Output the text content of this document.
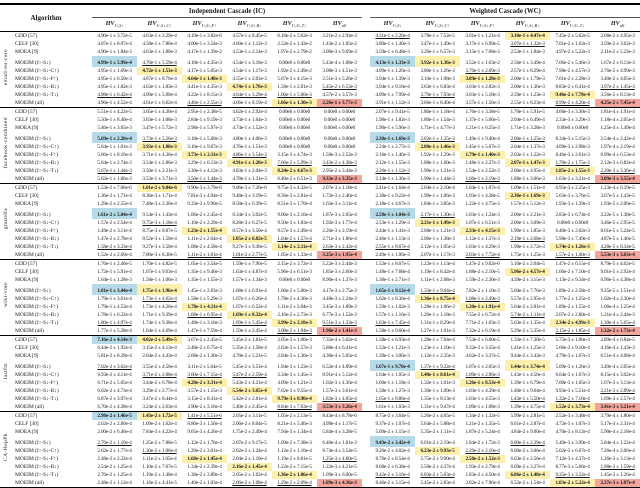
Algorithm		Independent Cascade (IC)							Weighted Cascade (WC)					
		$HV_{I↑,S↓}$	$HV_{I↑,S↓,C↑}$	$HV_{I↑,S↓,F↑}$	$HV_{I↑,S↓,B↓}$	$HV_{I↑,S↓,T↓}$	$HV_{all}$		$HV_{I↑,S↓}$	$HV_{I↑,S↓,C↑}$	$HV_{I↑,S↓,F↑}$	$HV_{I↑,S↓,B↓}$	$HV_{I↑,S↓,T↓}$	$HV_{all}$
email-eu-core	GDD [57]	4.90e-1 ± 3.72e-5	4.63e-1 ± 2.29e-4	4.19e-1 ± 3.82e-6	4.57e-1 ± 8.45e-5	6.18e-2 ± 3.62e-3	3.21e-2 ± 2.94e-3		4.31e-1 ± 2.26e-4	3.78e-1 ± 7.52e-5	3.01e-1 ± 1.21e-4	3.10e-1 ± 4.47e-4	7.45e-2 ± 5.62e-5	2.68e-2 ± 4.95e-3
	CELF [30]	4.87e-1 ± 8.97e-4	4.58e-1 ± 7.86e-4	4.00e-1 ± 3.54e-3	4.60e-1 ± 1.12e-3	2.52e-2 ± 1.43e-2	1.43e-2 ± 1.05e-2		3.80e-1 ± 1.40e-3	3.47e-1 ± 1.49e-3	3.17e-1 ± 6.99e-5	3.07e-1 ± 1.32e-3	7.01e-2 ± 1.62e-3	3.59e-2 ± 3.62e-3
	MOEA [9]	4.90e-1 ± 1.84e-3	4.63e-1 ± 1.80e-3	4.17e-1 ± 1.39e-2	4.53e-1 ± 2.14e-3	1.97e-2 ± 2.79e-2	3.00e-3 ± 9.69e-3		3.59e-1 ± 6.48e-3	3.26e-1 ± 6.57e-3	3.15e-1 ± 7.68e-3	2.53e-1 ± 1.84e-3	4.97e-2 ± 5.22e-3	2.11e-2 ± 5.23e-3
	MOEIM (I↑-S↓)	4.99e-1 ± 5.99e-4	4.70e-1 ± 5.59e-4	4.18e-1 ± 4.35e-3	4.54e-1 ± 3.18e-3	0.00e0 ± 0.00e0	5.43e-4 ± 1.08e-3		4.13e-1 ± 1.33e-3	3.92e-1 ± 1.36e-3	3.52e-1 ± 1.63e-2	2.56e-1 ± 3.49e-4	7.06e-2 ± 5.46e-3	1.67e-2 ± 6.13e-3
	MOEIM (I↑-S↓-C↑)	4.95e-1 ± 1.69e-3	4.72e-1 ± 1.53e-3	4.17e-1 ± 5.05e-3	4.54e-1 ± 1.17e-3	1.92e-2 ± 2.49e-2	3.08e-3 ± 4.51e-3		4.09e-1 ± 1.26e-3	3.80e-1 ± 1.26e-3	3.76e-1 ± 2.09e-3	2.57e-1 ± 8.29e-4	7.98e-2 ± 4.57e-3	2.76e-2 ± 4.99e-3
	MOEIM (I↑-S↓-F↑)	4.95e-1 ± 6.50e-3	4.67e-1 ± 8.76e-4	4.64e-1 ± 1.48e-3	4.55e-1 ± 2.03e-3	5.67e-3 ± 4.15e-3	2.51e-3 ± 5.26e-3		3.94e-1 ± 1.39e-3	3.10e-1 ± 1.98e-3	3.89e-1 ± 1.28e-3	2.60e-1 ± 1.79e-3	7.61e-2 ± 2.28e-3	3.40e-2 ± 4.05e-3
	MOEIM (I↑-S↓-B↓)	4.95e-1 ± 1.82e-3	4.63e-1 ± 1.83e-3	4.41e-1 ± 4.35e-3	4.74e-1 ± 1.78e-3	1.58e-1 ± 2.81e-3	5.45e-2 ± 6.53e-3		3.94e-1 ± 9.16e-4	3.63e-1 ± 6.83e-4	3.63e-1 ± 2.82e-3	2.60e-1 ± 1.36e-3	8.83e-2 ± 6.41e-4	3.97e-2 ± 1.45e-3
	MOEIM (I↑-S↓-T↓)	4.98e-1 ± 6.42e-4	4.69e-1 ± 5.90e-4	4.22e-1 ± 8.15e-3	4.64e-1 ± 3.29e-4	1.60e-1 ± 5.66e-3	4.57e-2 ± 3.57e-3		4.09e-1 ± 7.99e-4	3.79e-1 ± 7.93e-4	3.63e-1 ± 5.18e-3	2.59e-1 ± 1.23e-3	9.46e-2 ± 7.78e-4	3.56e-2 ± 8.13e-4
	MOEIM (all)	4.96e-1 ± 4.52e-4	4.61e-1 ± 6.62e-4	4.46e-1 ± 2.55e-3	4.66e-1 ± 8.19e-4	1.66e-1 ± 1.30e-3	2.26e-1 ± 3.77e-3		3.91e-1 ± 1.12e-3	3.66e-1 ± 8.40e-4	3.57e-1 ± 1.56e-3	2.55e-1 ± 8.23e-4	8.99e-2 ± 4.20e-4	4.25e-2 ± 7.45e-4
facebook-combined	GDD [57]	5.51e-1 ± 4.22e-5	3.65e-1 ± 4.30e-4	2.95e-1 ± 2.38e-5	4.62e-1 ± 2.92e-4	0.00e0 ± 0.00e0	0.00e0 ± 0.00e0		2.07e-1 ± 9.41e-5	1.86e-1 ± 1.18e-4	1.76e-1 ± 3.38e-5	1.70e-1 ± 5.91e-5	4.66e-3 ± 3.30e-3	1.81e-4 ± 1.91e-4
	CELF [30]	5.50e-1 ± 8.40e-4	3.63e-1 ± 1.08e-3	2.84e-1 ± 9.19e-3	4.73e-1 ± 1.64e-3	0.00e0 ± 0.00e0	0.00e0 ± 0.00e0		1.98e-1 ± 1.82e-3	1.80e-1 ± 1.54e-3	1.37e-1 ± 5.06e-5	2.04e-1 ± 6.49e-4	2.33e-3 ± 3.29e-3	1.18e-4 ± 2.05e-4
	MOEA [9]	5.46e-1 ± 3.65e-3	3.47e-1 ± 5.72e-3	2.98e-1 ± 5.97e-3	4.74e-1 ± 1.52e-3	0.00e0 ± 0.00e0	0.00e0 ± 0.00e0		1.90e-1 ± 5.96e-3	1.71e-1 ± 4.77e-3	1.21e-1 ± 6.25e-3	1.71e-1 ± 3.28e-3	0.00e0 ± 0.00e0	1.25e-4 ± 1.49e-4
	MOEIM (I↑-S↓)	5.69e-1 ± 2.20e-4	3.73e-1 ± 5.26e-3	3.18e-1 ± 5.60e-3	4.80e-1 ± 4.06e-3	0.00e0 ± 0.00e0	0.00e0 ± 0.00e0		2.30e-1 ± 1.69e-3	2.02e-1 ± 1.25e-3	1.49e-1 ± 9.40e-4	2.06e-1 ± 1.25e-3	8.34e-3 ± 5.15e-3	2.54e-4 ± 2.42e-4
	MOEIM (I↑-S↓-C↑)	5.64e-1 ± 1.01e-3	3.93e-1 ± 1.88e-3	3.16e-1 ± 9.67e-3	4.76e-1 ± 1.51e-3	0.00e0 ± 0.00e0	0.00e0 ± 0.00e0		2.24e-1 ± 2.77e-3	2.08e-1 ± 1.46e-3	1.45e-1 ± 5.67e-3	2.04e-1 ± 1.37e-3	4.09e-3 ± 2.98e-3	1.97e-4 ± 2.19e-4
	MOEIM (I↑-S↓-F↑)	5.66e-1 ± 8.16e-4	3.71e-1 ± 4.36e-4	3.73e-1 ± 2.11e-3	4.86e-1 ± 3.54e-3	3.15e-3 ± 4.74e-3	1.58e-3 ± 2.52e-3		2.16e-1 ± 1.46e-3	1.92e-1 ± 1.29e-3	1.79e-1 ± 1.40e-3	2.02e-1 ± 1.22e-3	8.46e-3 ± 2.61e-3	6.99e-4 ± 6.53e-4
	MOEIM (I↑-S↓-B↓)	5.64e-1 ± 2.74e-3	3.54e-1 ± 2.86e-3	3.29e-1 ± 6.13e-3	4.91e-1 ± 1.28e-3	7.66e-2 ± 5.99e-3	3.43e-2 ± 4.38e-3		2.12e-1 ± 1.55e-3	1.88e-1 ± 1.60e-3	1.48e-1 ± 2.27e-3	2.07e-1 ± 1.47e-3	1.70e-2 ± 1.75e-3	2.12e-3 ± 6.82e-4
	MOEIM (I↑-S↓-T↓)	5.67e-1 ± 1.44e-3	3.56e-1 ± 2.21e-3	3.30e-1 ± 4.12e-3	4.83e-1 ± 2.04e-3	8.24e-2 ± 4.67e-3	2.95e-2 ± 3.44e-3		2.26e-1 ± 1.12e-3	1.96e-1 ± 1.21e-3	1.54e-1 ± 2.52e-3	2.06e-1 ± 4.95e-4	1.85e-2 ± 1.55e-3	2.20e-3 ± 3.36e-4
	MOEIM (all)	5.62e-1 ± 1.06e-3	3.53e-1 ± 3.71e-3	3.50e-1 ± 1.44e-3	4.78e-1 ± 1.31e-3	6.40e-2 ± 6.51e-3	9.33e-2 ± 3.35e-3		2.14e-1 ± 1.36e-3	1.90e-1 ± 1.44e-3	1.66e-1 ± 2.19e-3	1.88e-1 ± 3.06e-3	1.63e-2 ± 3.21e-4	3.89e-3 ± 3.55e-4
gnutella	GDD [57]	1.53e-2 ± 7.06e-6	1.01e-2 ± 9.04e-6	9.90e-3 ± 3.79e-6	9.06e-3 ± 7.26e-6	9.75e-3 ± 4.32e-5	2.07e-3 ± 1.18e-4		2.41e-1 ± 1.64e-4	2.04e-1 ± 2.10e-4	1.04e-1 ± 1.07e-4	1.09e-1 ± 1.51e-4	6.95e-3 ± 2.25e-3	1.23e-4 ± 6.39e-5
	CELF [30]	1.36e-2 ± 1.71e-4	8.36e-3 ± 1.71e-4	7.81e-3 ± 4.94e-4	9.48e-3 ± 3.19e-5	8.56e-3 ± 2.81e-4	1.72e-3 ± 2.46e-4		2.38e-1 ± 9.22e-4	1.99e-1 ± 1.06e-3	1.93e-1 ± 4.38e-5	2.36e-1 ± 1.69e-3	5.63e-3 ± 3.76e-5	3.67e-5 ± 1.43e-5
	MOEA [9]	1.29e-2 ± 2.55e-4	7.48e-3 ± 2.36e-4	9.33e-3 ± 9.90e-5	8.58e-3 ± 6.39e-5	8.51e-3 ± 1.70e-4	1.63e-3 ± 3.11e-4		2.18e-1 ± 4.67e-3	1.84e-1 ± 3.85e-3	1.22e-1 ± 4.75e-3	1.57e-1 ± 5.12e-3	1.93e-3 ± 1.39e-3	1.93e-5 ± 2.06e-5
	MOEIM (I↑-S↓)	1.61e-2 ± 5.04e-4	9.54e-3 ± 1.43e-4	1.06e-2 ± 2.45e-4	8.34e-3 ± 3.02e-5	9.06e-3 ± 2.16e-4	1.87e-3 ± 2.05e-4		2.58e-1 ± 1.04e-3	2.17e-1 ± 1.30e-3	1.03e-1 ± 1.24e-3	2.06e-1 ± 2.21e-3	2.83e-3 ± 6.74e-4	2.22e-5 ± 1.38e-5
	MOEIM (I↑-S↓-C↑)	1.57e-2 ± 2.54e-4	9.75e-3 ± 1.18e-4	1.10e-2 ± 2.29e-4	8.28e-3 ± 6.27e-5	9.50e-3 ± 1.83e-4	1.92e-3 ± 1.77e-4		2.53e-1 ± 1.29e-3	2.21e-1 ± 1.49e-3	1.07e-1 ± 6.51e-3	2.06e-1 ± 3.09e-3	0.00e0 ± 0.00e0	3.46e-5 ± 2.95e-5
	MOEIM (I↑-S↓-F↑)	1.49e-2 ± 3.11e-4	8.75e-3 ± 8.07e-5	1.23e-2 ± 1.55e-4	8.57e-3 ± 3.50e-4	9.57e-3 ± 2.49e-4	2.26e-3 ± 2.19e-4		2.44e-1 ± 1.41e-3	2.08e-1 ± 1.21e-3	2.33e-1 ± 4.15e-3	1.90e-1 ± 1.85e-3	6.40e-3 ± 2.02e-3	8.61e-5 ± 5.24e-5
	MOEIM (I↑-S↓-B↓)	1.47e-2 ± 2.78e-4	8.52e-3 ± 1.50e-4	1.11e-2 ± 2.64e-4	1.05e-2 ± 6.82e-5	1.04e-2 ± 1.57e-4	2.71e-3 ± 1.86e-4		2.46e-1 ± 1.13e-3	2.06e-1 ± 1.38e-3	1.12e-1 ± 1.37e-3	2.19e-1 ± 2.68e-3	5.98e-3 ± 7.49e-4	4.87e-5 ± 1.46e-5
	MOEIM (I↑-S↓-T↓)	1.58e-2 ± 3.33e-4	9.27e-3 ± 3.50e-4	1.08e-2 ± 4.58e-4	9.27e-3 ± 9.49e-5	1.14e-2 ± 2.11e-4	2.63e-3 ± 2.42e-4		2.55e-1 ± 8.67e-4	2.12e-1 ± 1.05e-3	1.03e-1 ± 4.29e-3	1.98e-1 ± 2.72e-3	1.74e-2 ± 1.26e-3	4.28e-5 ± 8.34e-5
	MOEIM (all)	1.52e-2 ± 2.60e-4	7.86e-3 ± 8.30e-5	1.11e-2 ± 1.81e-4	1.01e-2 ± 2.77e-5	1.05e-2 ± 1.33e-4	3.25e-3 ± 1.95e-4		2.49e-1 ± 1.06e-3	2.07e-1 ± 1.17e-3	2.03e-1 ± 7.72e-4	1.75e-1 ± 1.25e-3	1.57e-2 ± 1.40e-3	5.53e-3 ± 3.63e-4
wiki-vote	GDD [57]	1.76e-1 ± 2.46e-5	1.70e-1 ± 4.82e-5	1.65e-1 ± 3.54e-5	1.59e-1 ± 7.96e-5	2.15e-2 ± 3.72e-3	5.22e-3 ± 2.44e-3		1.52e-1 ± 8.07e-5	1.22e-1 ± 1.13e-4	1.47e-2 ± 9.02e-6	5.10e-2 ± 2.64e-5	1.47e-2 ± 6.15e-4	8.79e-5 ± 4.62e-5
	CELF [30]	1.72e-1 ± 5.91e-4	1.67e-1 ± 9.63e-4	1.35e-1 ± 9.46e-3	1.63e-1 ± 4.87e-4	5.96e-3 ± 6.51e-3	1.85e-3 ± 2.60e-3		1.48e-1 ± 7.68e-4	1.19e-1 ± 8.42e-4	1.88e-2 ± 2.10e-5	5.96e-2 ± 4.57e-4	1.66e-2 ± 7.10e-4	9.01e-5 ± 2.92e-4
	MOEA [9]	1.64e-1 ± 1.28e-3	1.58e-1 ± 1.06e-3	1.35e-1 ± 1.55e-3	1.57e-1 ± 1.34e-3	0.00e0 ± 0.00e0	8.90e-4 ± 1.37e-3		1.38e-1 ± 2.71e-3	1.11e-1 ± 2.08e-3	1.59e-2 ± 2.30e-3	4.39e-2 ± 3.15e-3	1.13e-2 ± 9.34e-4	6.96e-5 ± 4.38e-4
	MOEIM (I↑-S↓)	1.81e-1 ± 3.44e-4	1.75e-1 ± 1.96e-4	1.45e-1 ± 2.03e-3	1.68e-1 ± 6.91e-4	1.66e-2 ± 5.00e-3	4.17e-3 ± 2.75e-3		1.65e-1 ± 9.12e-4	1.33e-1 ± 9.64e-4	7.82e-2 ± 1.10e-3	5.60e-2 ± 7.76e-3	1.89e-2 ± 2.58e-4	9.25e-5 ± 1.51e-4
	MOEIM (I↑-S↓-C↑)	1.79e-1 ± 3.61e-4	1.73e-1 ± 4.62e-4	1.58e-1 ± 5.29e-3	1.67e-1 ± 6.26e-4	1.78e-2 ± 4.36e-3	4.48e-3 ± 2.24e-3		1.62e-1 ± 8.36e-4	1.36e-1 ± 8.75e-4	1.08e-1 ± 2.49e-3	5.57e-2 ± 2.95e-4	1.77e-2 ± 1.25e-4	1.02e-4 ± 2.30e-4
	MOEIM (I↑-S↓-F↑)	1.79e-1 ± 4.53e-4	1.73e-1 ± 4.26e-4	1.78e-1 ± 4.11e-4	1.67e-1 ± 6.52e-4	1.11e-2 ± 3.84e-3	3.45e-3 ± 1.89e-3		1.59e-1 ± 1.02e-3	1.28e-1 ± 1.06e-3	1.20e-1 ± 1.91e-4	5.64e-2 ± 2.81e-4	1.89e-2 ± 1.55e-4	1.06e-4 ± 1.25e-4
	MOEIM (I↑-S↓-B↓)	1.78e-1 ± 6.22e-4	1.71e-1 ± 9.39e-4	1.68e-1 ± 6.95e-4	1.69e-1 ± 8.32e-4	2.16e-2 ± 2.73e-3	6.77e-3 ± 1.52e-3		1.57e-1 ± 1.16e-3	1.26e-1 ± 1.18e-3	7.55e-2 ± 6.72e-4	5.74e-2 ± 1.11e-4	2.07e-2 ± 2.80e-4	1.21e-4 ± 2.44e-3
	MOEIM (I↑-S↓-T↓)	1.80e-1 ± 4.97e-4	1.74e-1 ± 9.38e-4	1.48e-1 ± 3.16e-3	1.69e-1 ± 5.45e-4	3.99e-2 ± 2.18e-3	9.51e-3 ± 1.33e-3		1.63e-1 ± 7.45e-4	1.31e-1 ± 8.29e-4	7.71e-2 ± 1.03e-3	5.63e-2 ± 1.35e-4	2.34e-2 ± 4.99e-3	1.30e-4 ± 5.65e-4
	MOEIM (all)	1.77e-1 ± 5.28e-4	1.64e-1 ± 4.69e-4	1.47e-1 ± 7.59e-4	1.59e-1 ± 2.45e-4	3.08e-2 ± 1.94e-3	1.90e-2 ± 1.41e-3		1.58e-1 ± 9.60e-4	1.27e-1 ± 1.01e-3	7.32e-2 ± 6.19e-4	5.29e-2 ± 5.35e-4	2.15e-2 ± 1.85e-4	1.32e-2 ± 1.73e-4
lastfm	GDD [57]	7.16e-2 ± 4.14e-3	4.02e-2 ± 5.49e-5	3.67e-2 ± 2.45e-5	5.45e-2 ± 1.81e-5	3.05e-3 ± 1.06e-3	7.35e-4 ± 5.62e-4		1.58e-1 ± 6.93e-4	1.28e-1 ± 7.04e-4	7.53e-2 ± 6.00e-5	1.33e-1 ± 7.30e-5	5.75e-3 ± 1.06e-3	2.89e-4 ± 6.84e-5
	CELF [30]	6.44e-2 ± 1.92e-4	3.15e-2 ± 4.13e-4	2.48e-2 ± 6.75e-4	5.35e-2 ± 1.58e-4	2.63e-3 ± 1.57e-3	5.88e-4 ± 6.41e-4		1.52e-1 ± 1.21e-3	1.23e-1 ± 1.10e-3	9.32e-2 ± 3.35e-4	1.41e-1 ± 1.25e-3	5.66e-3 ± 9.10e-4	4.16e-4 ± 1.43e-3
	MOEA [9]	5.81e-2 ± 8.39e-4	2.64e-2 ± 4.43e-4	2.68e-2 ± 1.30e-3	4.78e-2 ± 5.21e-5	2.04e-3 ± 1.36e-3	4.30e-4 ± 5.05e-4		1.39e-1 ± 3.06e-3	1.12e-1 ± 2.35e-3	4.62e-2 ± 3.37e-5	9.44e-2 ± 3.43e-3	4.79e-3 ± 1.67e-3	6.51e-4 ± 4.08e-4
	MOEIM (I↑-S↓)	7.02e-2 ± 3.62e-4	3.55e-2 ± 4.56e-4	3.11e-2 ± 5.64e-5	5.45e-2 ± 3.51e-4	1.94e-3 ± 1.23e-3	6.52e-4 ± 4.89e-4		1.67e-1 ± 9.70e-4	1.37e-1 ± 9.22e-4	1.07e-1 ± 2.05e-3	1.44e-1 ± 3.74e-4	5.09e-3 ± 1.26e-3	3.49e-4 ± 2.05e-4
	MOEIM (I↑-S↓-C↑)	6.93e-2 ± 4.11e-4	3.71e-2 ± 2.08e-4	3.60e-2 ± 7.15e-4	5.47e-2 ± 2.59e-4	3.34e-3 ± 1.45e-3	8.91e-4 ± 5.12e-4		1.64e-1 ± 1.05e-3	1.40e-1 ± 8.61e-4	1.09e-1 ± 2.96e-3	1.43e-1 ± 4.56e-4	6.64e-3 ± 1.67e-3	8.15e-4 ± 3.02e-4
	MOEIM (I↑-S↓-F↑)	6.71e-2 ± 5.05e-4	3.44e-2 ± 6.78e-4	4.28e-2 ± 3.31e-4	5.43e-2 ± 4.21e-4	4.09e-3 ± 1.21e-3	1.02e-3 ± 4.36e-4		1.60e-1 ± 1.18e-3	1.32e-1 ± 1.01e-3	1.26e-1 ± 8.53e-4	1.39e-1 ± 6.79e-4	7.00e-3 ± 1.05e-3	1.07e-3 ± 3.13e-4
	MOEIM (I↑-S↓-B↓)	6.62e-2 ± 4.73e-4	3.29e-2 ± 2.77e-4	3.57e-2 ± 1.15e-3	5.54e-2 ± 3.65e-4	7.62e-3 ± 9.55e-4	1.57e-3 ± 3.61e-4		1.58e-1 ± 1.27e-3	1.30e-1 ± 1.09e-3	1.03e-1 ± 4.39e-4	1.40e-1 ± 9.64e-4	9.93e-3 ± 5.51e-4	2.21e-3 ± 2.89e-4
	MOEIM (I↑-S↓-T↓)	6.87e-2 ± 3.97e-4	3.47e-2 ± 8.44e-4	3.15e-2 ± 8.41e-4	5.42e-2 ± 2.81e-4	9.79e-3 ± 8.90e-4	1.83e-3 ± 4.05e-4		1.65e-1 ± 8.86e-4	1.35e-1 ± 8.13e-4	1.03e-1 ± 4.55e-3	1.43e-1 ± 5.50e-4	1.32e-2 ± 7.10e-4	1.69e-3 ± 2.57e-4
	MOEIM (all)	6.70e-2 ± 4.38e-4	3.24e-2 ± 2.63e-4	3.90e-2 ± 3.16e-4	5.40e-2 ± 2.45e-4	8.84e-3 ± 7.63e-4	3.53e-3 ± 3.26e-4		1.61e-1 ± 1.03e-3	1.31e-1 ± 9.47e-4	1.09e-1 ± 1.08e-3	1.39e-1 ± 4.75e-4	1.52e-2 ± 3.73e-4	3.41e-3 ± 3.21e-4
CA-HepPh	GDD [57]	2.98e-2 ± 1.46e-5	1.43e-2 ± 1.72e-5	1.41e-2 ± 5.51e-6	2.05e-2 ± 3.11e-5	1.05e-2 ± 2.13e-5	8.43e-4 ± 8.78e-6		8.75e-2 ± 3.64e-5	5.26e-2 ± 4.05e-5	1.34e-2 ± 1.32e-5	5.99e-2 ± 2.81e-5	2.52e-3 ± 3.48e-4	3.79e-4 ± 1.80e-4
	CELF [30]	2.62e-2 ± 2.80e-4	1.09e-2 ± 1.62e-4	8.86e-3 ± 1.56e-4	2.06e-2 ± 8.04e-5	8.21e-3 ± 5.46e-3	4.99e-4 ± 1.17e-5		9.37e-2 ± 1.07e-4	5.64e-2 ± 5.88e-4	1.21e-2 ± 1.35e-5	6.61e-2 ± 2.87e-4	4.72e-3 ± 1.07e-3	5.17e-4 ± 2.31e-4
	MOEA [9]	2.00e-2 ± 6.46e-4	7.84e-3 ± 4.22e-4	9.65e-3 ± 4.26e-4	1.75e-2 ± 2.49e-4	7.94e-3 ± 1.34e-4	5.84e-4 ± 3.28e-5		5.09e-2 ± 1.15e-3	5.35e-2 ± 1.11e-3	1.87e-2 ± 5.24e-4	4.84e-2 ± 9.00e-4	4.70e-3 ± 8.12e-4	5.90e-4 ± 2.18e-4
	MOEIM (I↑-S↓)	2.76e-2 ± 1.10e-4	1.25e-2 ± 7.88e-5	1.12e-2 ± 1.76e-4	2.07e-2 ± 9.17e-5	1.09e-2 ± 7.38e-3	6.40e-4 ± 1.81e-3		9.43e-2 ± 3.42e-4	6.01e-2 ± 2.19e-4	1.84e-2 ± 1.72e-3	6.80e-2 ± 2.39e-4	5.40e-3 ± 3.99e-4	5.84e-4 ± 1.22e-4
	MOEIM (I↑-S↓-C↑)	2.62e-2 ± 1.77e-4	1.30e-2 ± 1.06e-4	1.20e-2 ± 3.01e-4	2.02e-2 ± 1.24e-4	1.12e-2 ± 1.10e-4	8.74e-4 ± 3.54e-5		9.26e-2 ± 4.02e-4	6.23e-2 ± 9.93e-5	2.29e-2 ± 2.16e-4	6.60e-2 ± 3.06e-4	5.02e-3 ± 6.67e-4	7.26e-4 ± 2.06e-4
	MOEIM (I↑-S↓-F↑)	2.48e-2 ± 2.22e-4	1.11e-2 ± 1.05e-4	1.68e-2 ± 1.45e-4	2.04e-2 ± 1.10e-4	1.19e-2 ± 8.81e-5	1.25e-3 ± 4.80e-5		8.76e-2 ± 8.54e-4	5.75e-2 ± 9.90e-4	2.58e-2 ± 1.52e-3	6.63e-2 ± 2.56e-4	7.12e-3 ± 4.37e-4	1.26e-3 ± 3.13e-4
	MOEIM (I↑-S↓-B↓)	2.54e-2 ± 1.25e-4	1.10e-2 ± 7.67e-5	1.34e-2 ± 2.39e-4	2.16e-2 ± 1.45e-4	1.22e-2 ± 7.15e-5	1.22e-3 ± 4.21e-5		8.68e-2 ± 6.38e-4	5.58e-2 ± 4.37e-4	1.93e-2 ± 2.79e-4	6.69e-2 ± 3.27e-4	8.77e-3 ± 5.66e-4	1.88e-3 ± 1.59e-4
	MOEIM (I↑-S↓-T↓)	2.76e-2 ± 1.25e-4	1.19e-2 ± 1.40e-4	1.36e-2 ± 3.89e-4	2.05e-2 ± 1.62e-4	1.36e-2 ± 1.06e-4	1.09e-3 ± 6.00e-5		9.42e-2 ± 3.16e-4	6.03e-2 ± 5.03e-4	1.83e-2 ± 4.50e-4	6.86e-2 ± 1.48e-4	9.35e-3 ± 3.32e-4	1.45e-3 ± 1.26e-4
	MOEIM (all)	2.48e-2 ± 1.12e-4	1.16e-2 ± 4.41e-5	1.40e-2 ± 1.03e-4	2.06e-2 ± 1.08e-4	1.29e-2 ± 2.09e-4	1.89e-3 ± 4.36e-3		8.46e-2 ± 3.15e-4	5.45e-2 ± 2.83e-4	2.02e-2 ± 7.96e-4	6.52e-2 ± 1.54e-4	1.03e-2 ± 5.22e-4	2.37e-3 ± 1.87e-4
